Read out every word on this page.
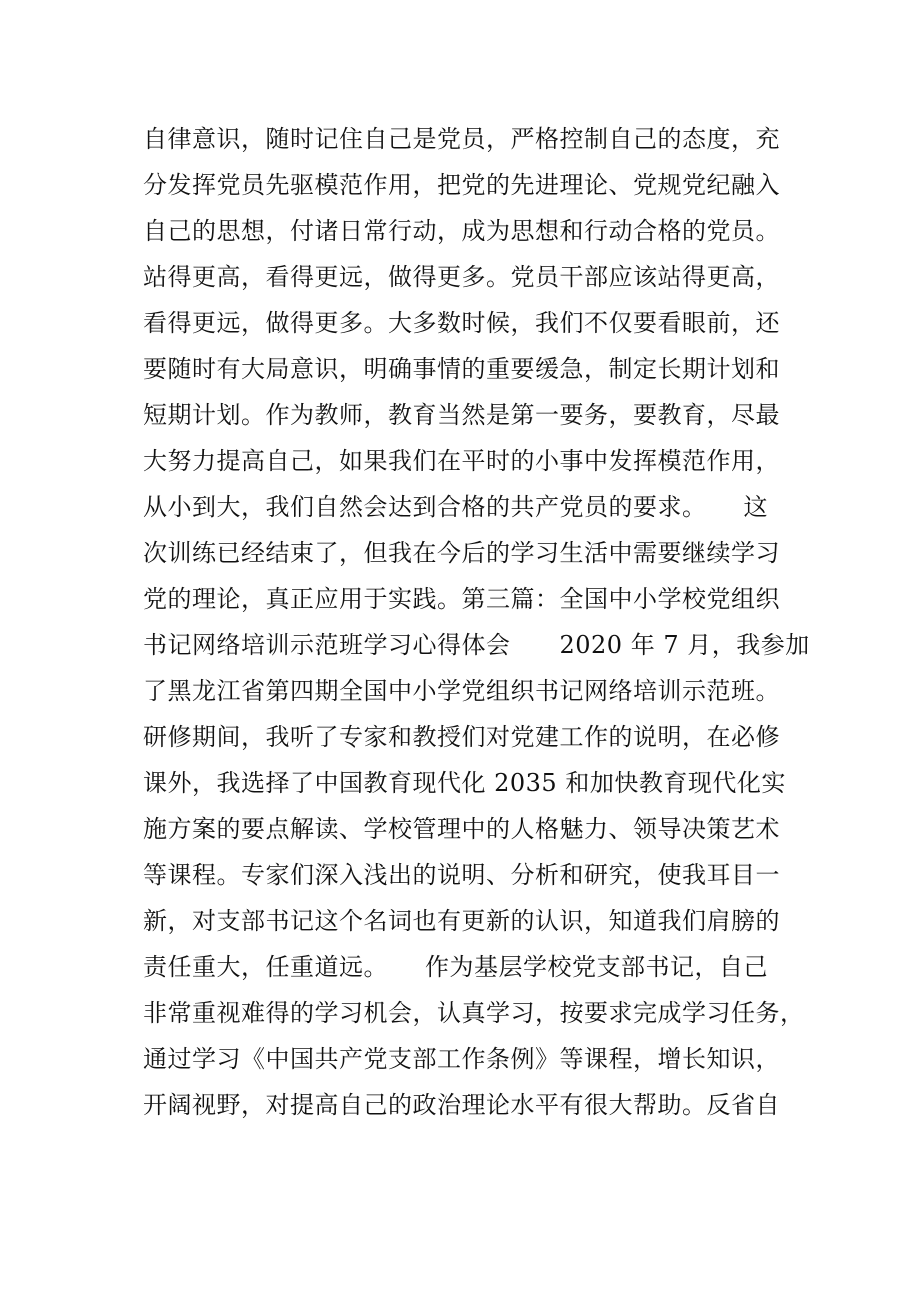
自律意识，随时记住自己是党员，严格控制自己的态度，充
分发挥党员先驱模范作用，把党的先进理论、党规党纪融入
自己的思想，付诸日常行动，成为思想和行动合格的党员。
站得更高，看得更远，做得更多。党员干部应该站得更高，
看得更远，做得更多。大多数时候，我们不仅要看眼前，还
要随时有大局意识，明确事情的重要缓急，制定长期计划和
短期计划。作为教师，教育当然是第一要务，要教育，尽最
大努力提高自己，如果我们在平时的小事中发挥模范作用，
从小到大，我们自然会达到合格的共产党员的要求。　　这
次训练已经结束了，但我在今后的学习生活中需要继续学习
党的理论，真正应用于实践。第三篇：全国中小学校党组织
书记网络培训示范班学习心得体会　　2020 年 7 月，我参加
了黑龙江省第四期全国中小学党组织书记网络培训示范班。
研修期间，我听了专家和教授们对党建工作的说明，在必修
课外，我选择了中国教育现代化 2035 和加快教育现代化实
施方案的要点解读、学校管理中的人格魅力、领导决策艺术
等课程。专家们深入浅出的说明、分析和研究，使我耳目一
新，对支部书记这个名词也有更新的认识，知道我们肩膀的
责任重大，任重道远。　　作为基层学校党支部书记，自己
非常重视难得的学习机会，认真学习，按要求完成学习任务，
通过学习《中国共产党支部工作条例》等课程，增长知识，
开阔视野，对提高自己的政治理论水平有很大帮助。反省自
